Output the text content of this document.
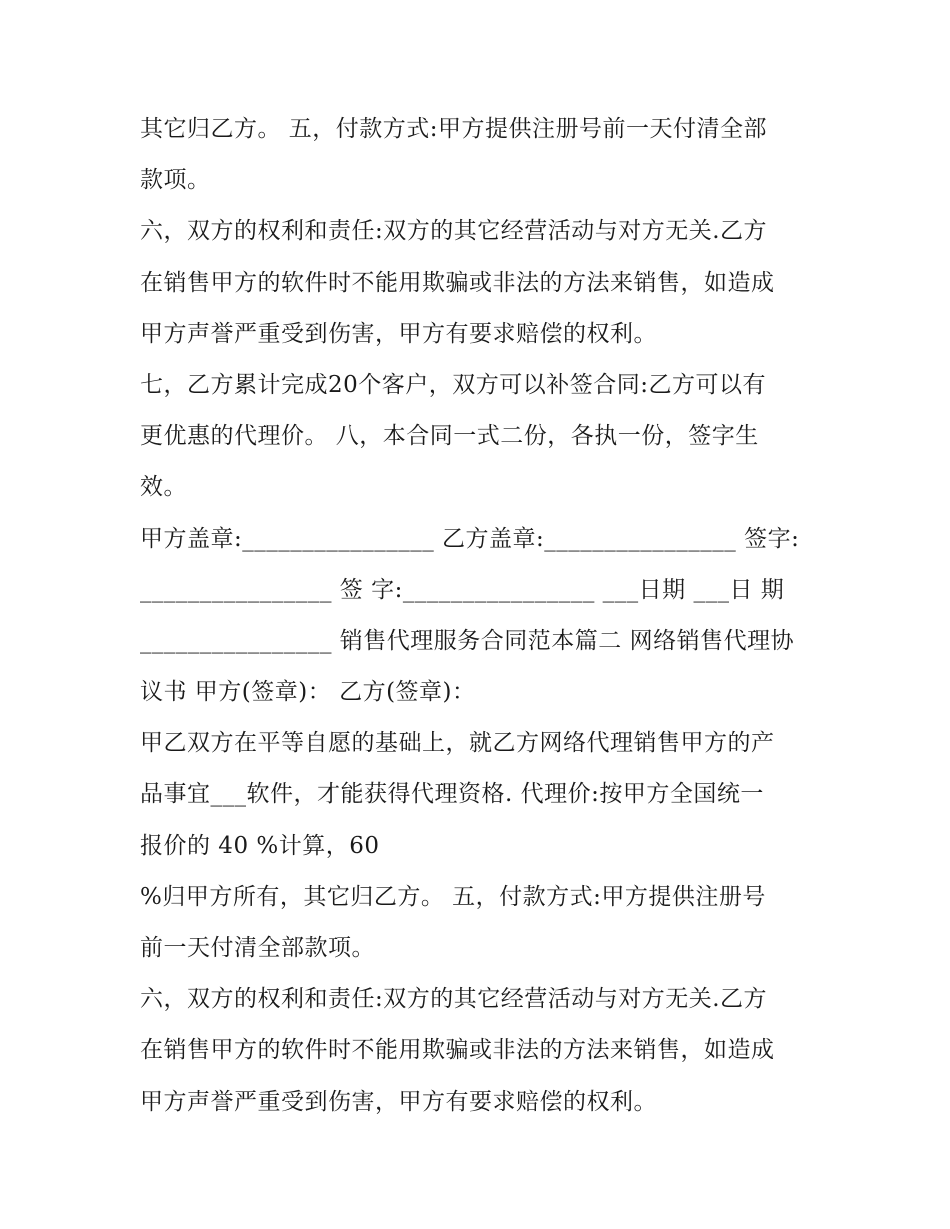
其它归乙方。 五，付款方式:甲方提供注册号前一天付清全部
款项。
六，双方的权利和责任:双方的其它经营活动与对方无关.乙方
在销售甲方的软件时不能用欺骗或非法的方法来销售，如造成
甲方声誉严重受到伤害，甲方有要求赔偿的权利。
七，乙方累计完成20个客户，双方可以补签合同:乙方可以有
更优惠的代理价。 八，本合同一式二份，各执一份，签字生
效。
甲方盖章:________________ 乙方盖章:________________ 签字:
________________ 签 字:________________ ___日期 ___日 期
________________ 销售代理服务合同范本篇二 网络销售代理协
议书 甲方(签章)： 乙方(签章)：
甲乙双方在平等自愿的基础上，就乙方网络代理销售甲方的产
品事宜___软件，才能获得代理资格. 代理价:按甲方全国统一
报价的 40 %计算，60
%归甲方所有，其它归乙方。 五，付款方式:甲方提供注册号
前一天付清全部款项。
六，双方的权利和责任:双方的其它经营活动与对方无关.乙方
在销售甲方的软件时不能用欺骗或非法的方法来销售，如造成
甲方声誉严重受到伤害，甲方有要求赔偿的权利。
